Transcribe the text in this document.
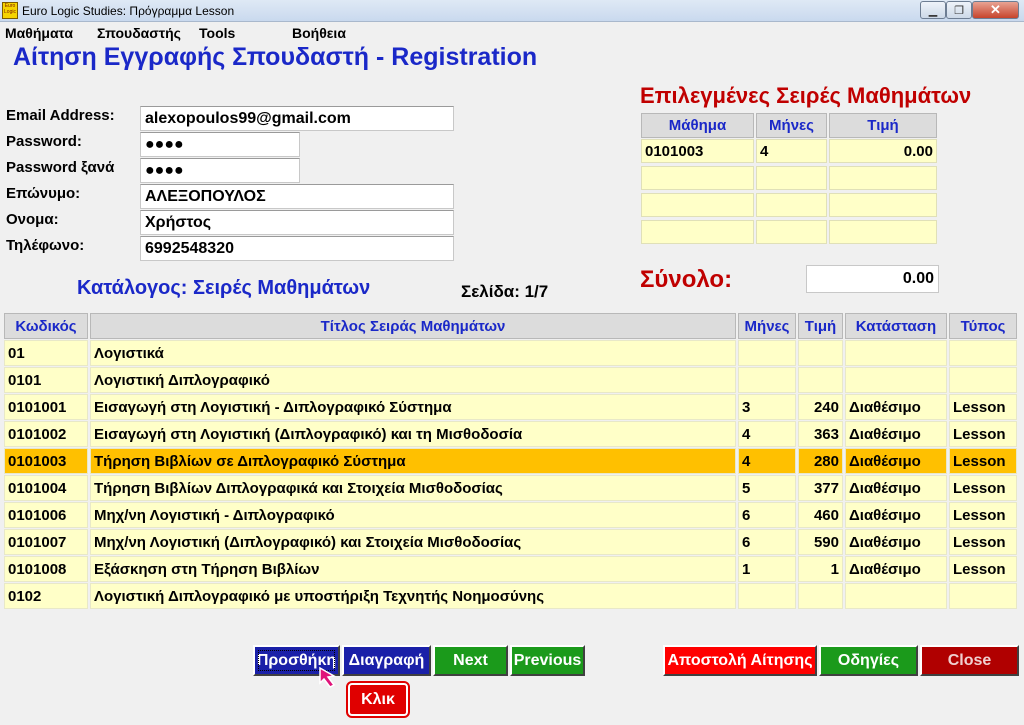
Euro
Logic Euro Logic Studies: Πρόγραμμα Lesson	▁ ❐ ✕
Μαθήματα Σπουδαστής Tools	Βοήθεια
Αίτηση Εγγραφής Σπουδαστή - Registration
Email Address:	alexopoulos99@gmail.com
Password:	●●●●
Password ξανά	●●●●
Επώνυμο:	ΑΛΕΞΟΠΟΥΛΟΣ
Ονομα:	Χρήστος
Τηλέφωνο:	6992548320
Επιλεγμένες Σειρές Μαθημάτων
Μάθημα	Μήνες	Τιμή
0101003	4	0.00
Κατάλογος: Σειρές Μαθημάτων	Σελίδα: 1/7	Σύνολο:	0.00
Κωδικός	Τίτλος Σειράς Μαθημάτων	Μήνες	Τιμή	Κατάσταση	Τύπος
01	Λογιστικά
0101	Λογιστική Διπλογραφικό
0101001	Εισαγωγή στη Λογιστική - Διπλογραφικό Σύστημα	3	240 Διαθέσιμο	Lesson
0101002	Εισαγωγή στη Λογιστική (Διπλογραφικό) και τη Μισθοδοσία	4	363 Διαθέσιμο	Lesson
0101003	Τήρηση Βιβλίων σε Διπλογραφικό Σύστημα	4	280 Διαθέσιμο	Lesson
0101004	Τήρηση Βιβλίων Διπλογραφικά και Στοιχεία Μισθοδοσίας	5	377 Διαθέσιμο	Lesson
0101006	Μηχ/νη Λογιστική - Διπλογραφικό	6	460 Διαθέσιμο	Lesson
0101007	Μηχ/νη Λογιστική (Διπλογραφικό) και Στοιχεία Μισθοδοσίας	6	590 Διαθέσιμο	Lesson
0101008	Εξάσκηση στη Τήρηση Βιβλίων	1	1 Διαθέσιμο	Lesson
0102	Λογιστική Διπλογραφικό με υποστήριξη Τεχνητής Νοημοσύνης
Προσθήκη Διαγραφή	Next	Previous	Αποστολή Αίτησης	Οδηγίες	Close
Κλικ
